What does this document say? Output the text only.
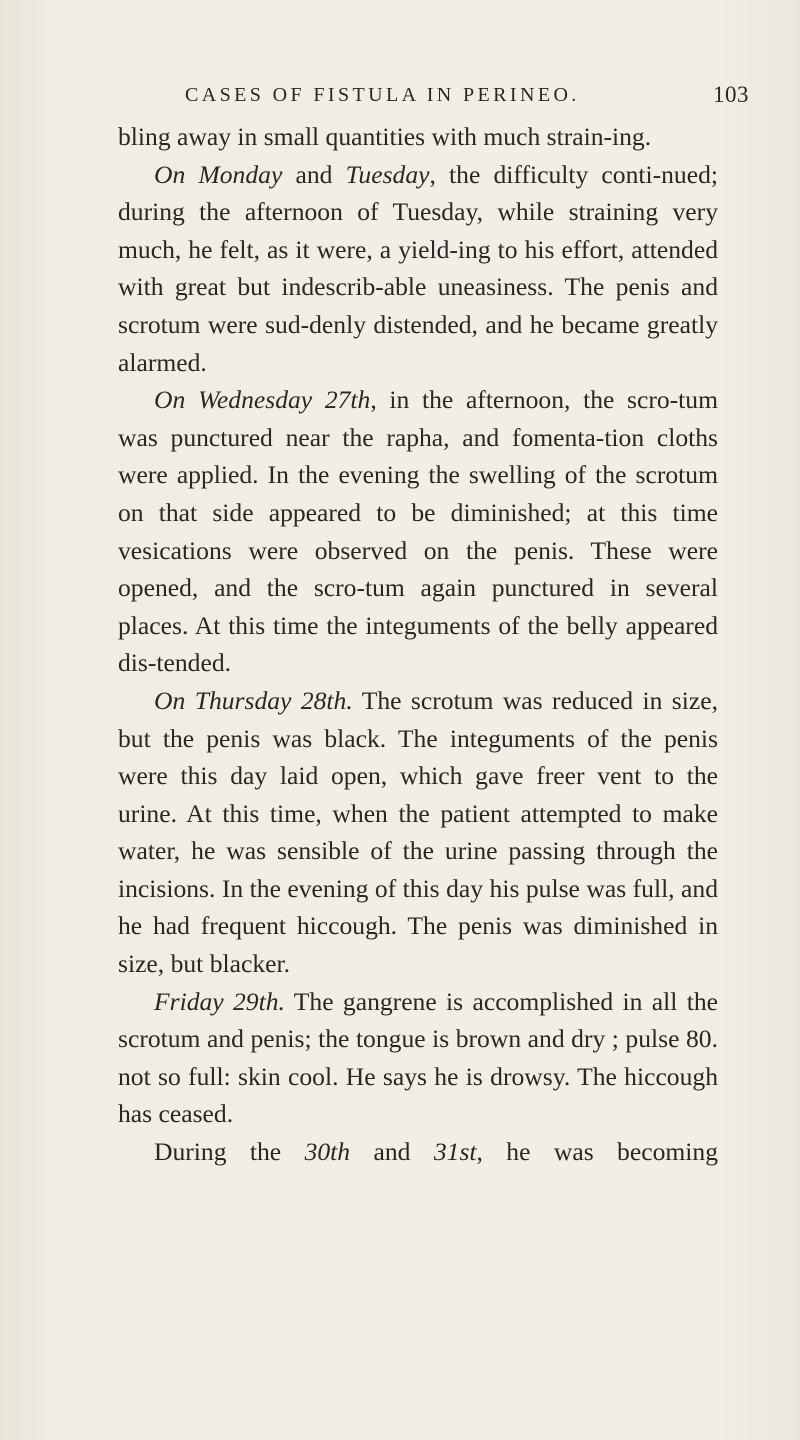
CASES OF FISTULA IN PERINEO.	103

bling away in small quantities with much strain-ing.

On Monday and Tuesday, the difficulty conti-nued; during the afternoon of Tuesday, while straining very much, he felt, as it were, a yield-ing to his effort, attended with great but indescrib-able uneasiness. The penis and scrotum were sud-denly distended, and he became greatly alarmed.

On Wednesday 27th, in the afternoon, the scro-tum was punctured near the rapha, and fomenta-tion cloths were applied. In the evening the swelling of the scrotum on that side appeared to be diminished; at this time vesications were observed on the penis. These were opened, and the scro-tum again punctured in several places. At this time the integuments of the belly appeared dis-tended.

On Thursday 28th. The scrotum was reduced in size, but the penis was black. The integuments of the penis were this day laid open, which gave freer vent to the urine. At this time, when the patient attempted to make water, he was sensible of the urine passing through the incisions. In the evening of this day his pulse was full, and he had frequent hiccough. The penis was diminished in size, but blacker.

Friday 29th. The gangrene is accomplished in all the scrotum and penis; the tongue is brown and dry ; pulse 80. not so full: skin cool. He says he is drowsy. The hiccough has ceased.

During the 30th and 31st, he was becoming
